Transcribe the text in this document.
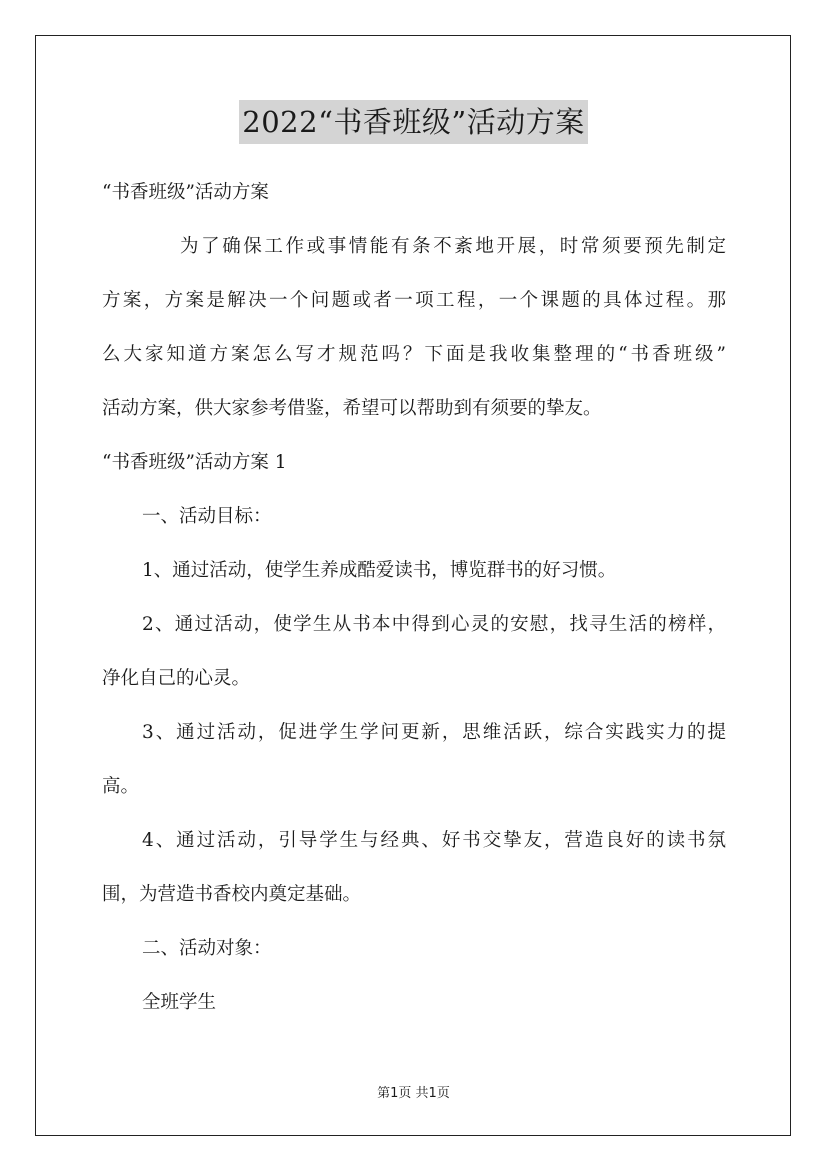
2022“书香班级”活动方案
“书香班级”活动方案
为了确保工作或事情能有条不紊地开展，时常须要预先制定
方案，方案是解决一个问题或者一项工程，一个课题的具体过程。那
么大家知道方案怎么写才规范吗？下面是我收集整理的“书香班级”
活动方案，供大家参考借鉴，希望可以帮助到有须要的挚友。
“书香班级”活动方案 1
一、活动目标：
1、通过活动，使学生养成酷爱读书，博览群书的好习惯。
2、通过活动，使学生从书本中得到心灵的安慰，找寻生活的榜样，
净化自己的心灵。
3、通过活动，促进学生学问更新，思维活跃，综合实践实力的提
高。
4、通过活动，引导学生与经典、好书交挚友，营造良好的读书氛
围，为营造书香校内奠定基础。
二、活动对象：
全班学生
第1页 共1页
